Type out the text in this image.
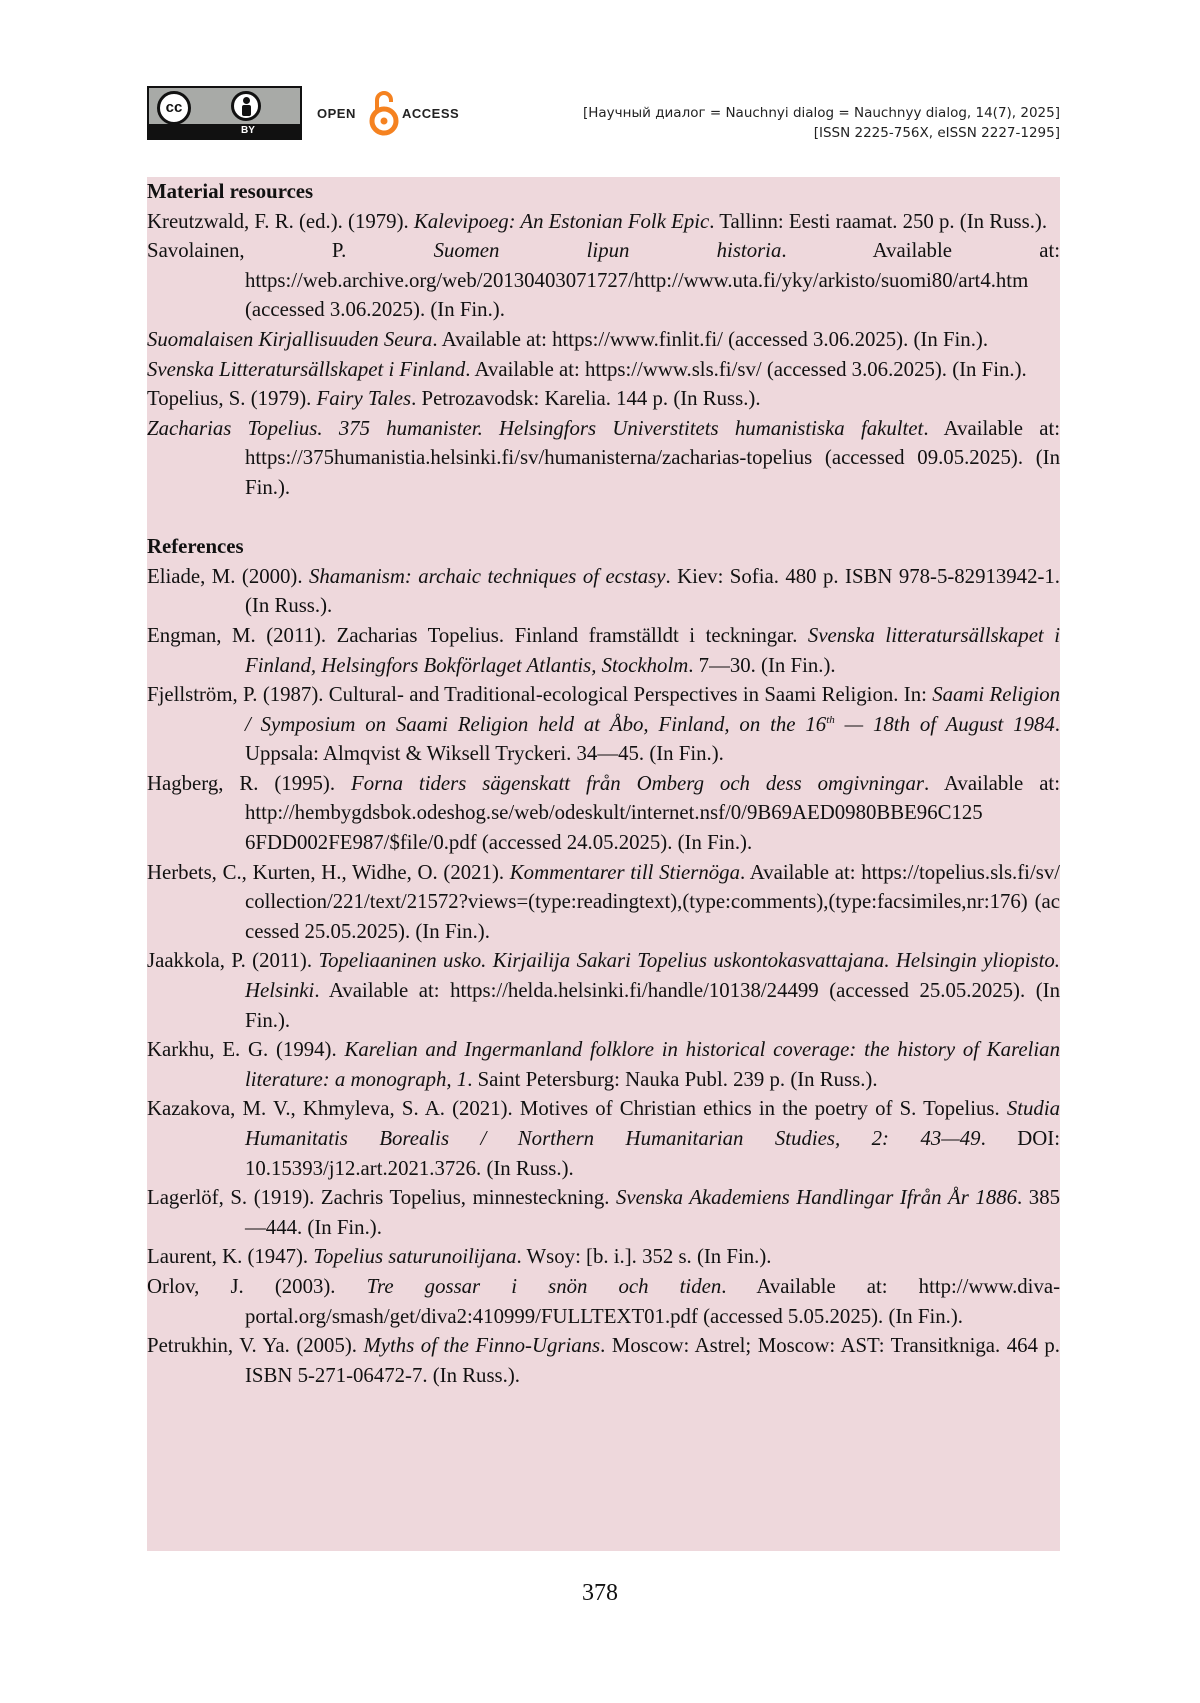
cc
BY
OPEN	ACCESS	[Научный диалог = Nauchnyi dialog = Nauchnyy dialog, 14(7), 2025]
[ISSN 2225-756X, eISSN 2227-1295]

Material resources

Kreutzwald, F. R. (ed.). (1979). Kalevipoeg: An Estonian Folk Epic. Tallinn: Eesti raamat. 250 p. (In Russ.).

Savolainen, P. Suomen lipun historia. Available at: https://web.archive.org/web/20130403071727/http://www.uta.fi/yky/arkisto/suomi80/art4.htm (accessed 3.06.2025). (In Fin.).

Suomalaisen Kirjallisuuden Seura. Available at: https://www.finlit.fi/ (accessed 3.06.2025). (In Fin.).

Svenska Litteratursällskapet i Finland. Available at: https://www.sls.fi/sv/ (accessed 3.06.2025). (In Fin.).

Topelius, S. (1979). Fairy Tales. Petrozavodsk: Karelia. 144 p. (In Russ.).

Zacharias Topelius. 375 humanister. Helsingfors Universtitets humanistiska fakultet. Available at: https://375humanistia.helsinki.fi/sv/humanisterna/zacharias-topelius (accessed 09.05.2025). (In Fin.).

References

Eliade, M. (2000). Shamanism: archaic techniques of ecstasy. Kiev: Sofia. 480 p. ISBN 978-5-82913942-1. (In Russ.).

Engman, M. (2011). Zacharias Topelius. Finland framställdt i teckningar. Svenska litteratursällskapet i Finland, Helsingfors Bokförlaget Atlantis, Stockholm. 7—30. (In Fin.).

Fjellström, P. (1987). Cultural- and Traditional-ecological Perspectives in Saami Religion. In: Saami Religion / Symposium on Saami Religion held at Åbo, Finland, on the 16th — 18th of August 1984. Uppsala: Almqvist & Wiksell Tryckeri. 34—45. (In Fin.).

Hagberg, R. (1995). Forna tiders sägenskatt från Omberg och dess omgivningar. Available at: http://hembygdsbok.odeshog.se/web/odeskult/internet.nsf/0/9B69AED0980BBE96C125 6FDD002FE987/$file/0.pdf (accessed 24.05.2025). (In Fin.).

Herbets, C., Kurten, H., Widhe, O. (2021). Kommentarer till Stiernöga. Available at: https://topelius.sls.fi/sv/collection/221/text/21572?views=(type:readingtext),(type:comments),(type:facsimiles,nr:176) (accessed 25.05.2025). (In Fin.).

Jaakkola, P. (2011). Topeliaaninen usko. Kirjailija Sakari Topelius uskontokasvattajana. Helsingin yliopisto. Helsinki. Available at: https://helda.helsinki.fi/handle/10138/24499 (accessed 25.05.2025). (In Fin.).

Karkhu, E. G. (1994). Karelian and Ingermanland folklore in historical coverage: the history of Karelian literature: a monograph, 1. Saint Petersburg: Nauka Publ. 239 p. (In Russ.).

Kazakova, M. V., Khmyleva, S. A. (2021). Motives of Christian ethics in the poetry of S. Topelius. Studia Humanitatis Borealis / Northern Humanitarian Studies, 2: 43—49. DOI: 10.15393/j12.art.2021.3726. (In Russ.).

Lagerlöf, S. (1919). Zachris Topelius, minnesteckning. Svenska Akademiens Handlingar Ifrån År 1886. 385—444. (In Fin.).

Laurent, K. (1947). Topelius saturunoilijana. Wsoy: [b. i.]. 352 s. (In Fin.).

Orlov, J. (2003). Tre gossar i snön och tiden. Available at: http://www.diva-portal.org/smash/get/diva2:410999/FULLTEXT01.pdf (accessed 5.05.2025). (In Fin.).

Petrukhin, V. Ya. (2005). Myths of the Finno-Ugrians. Moscow: Astrel; Moscow: AST: Transitkniga. 464 p. ISBN 5-271-06472-7. (In Russ.).

378
